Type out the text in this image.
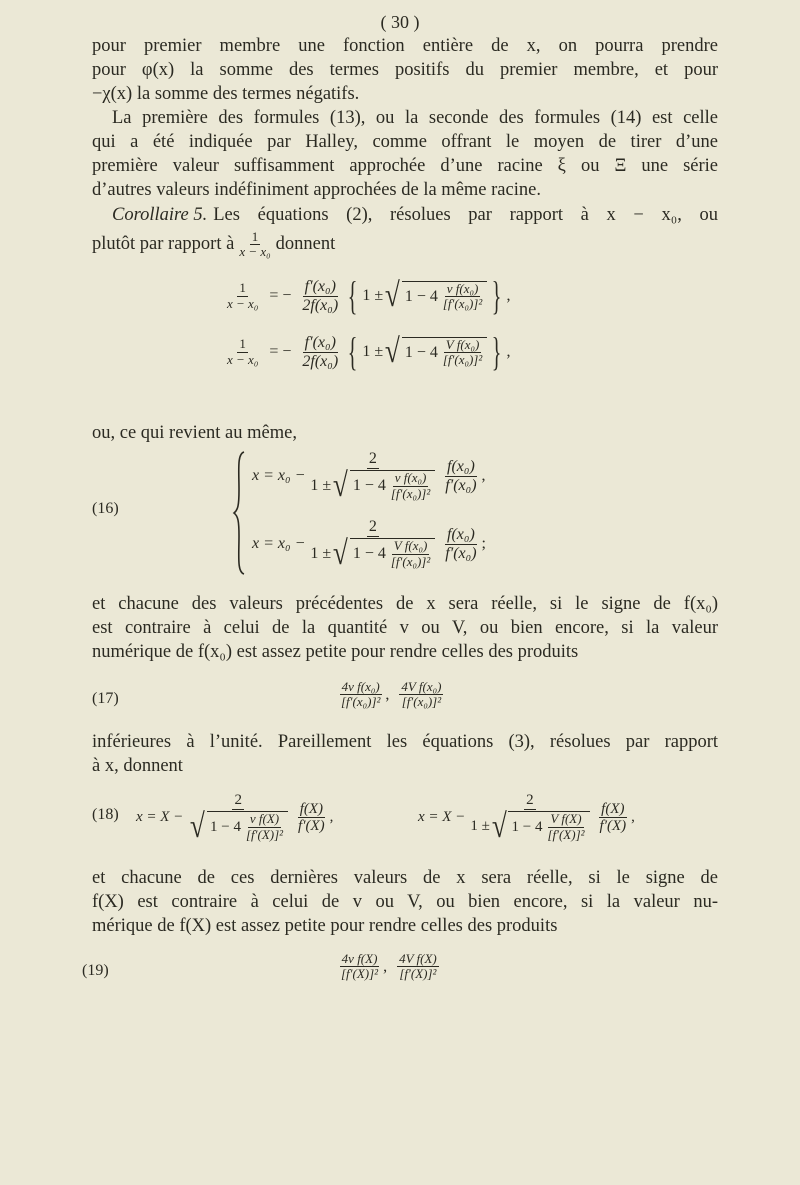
( 30 )
pour premier membre une fonction entière de x, on pourra prendre
pour φ(x) la somme des termes positifs du premier membre, et pour
−χ(x) la somme des termes négatifs.
La première des formules (13), ou la seconde des formules (14) est celle
qui a été indiquée par Halley, comme offrant le moyen de tirer d’une
première valeur suffisamment approchée d’une racine ξ ou Ξ une série
d’autres valeurs indéfiniment approchées de la même racine.
Corollaire 5. Les équations (2), résolues par rapport à x − x₀, ou
plutôt par rapport à $\frac{1}{\text{x − x₀}}$ donnent
$\frac{1}{\text{x − x₀}}$ = − $\frac{\text{f′(x₀)}}{\text{2f(x₀)}}$ { 1 ± √ $1 - 4 \frac{\text{v f(x₀)}}{\text{[f′(x₀)]²}}$ } ,
$\frac{1}{\text{x − x₀}}$ = − $\frac{\text{f′(x₀)}}{\text{2f(x₀)}}$ { 1 ± √ $1 - 4 \frac{\text{V f(x₀)}}{\text{[f′(x₀)]²}}$ } ,
ou, ce qui revient au même,
(16)
$x = x_0 - \frac{2}{1 \pm √ 1 - 4 \frac{\text{v f(x₀)}}{\text{[f′(x₀)]²}}} \frac{\text{f(x₀)}}{\text{f′(x₀)}}$ ,
$x = x_0 - \frac{2}{1 \pm √ 1 - 4 \frac{\text{V f(x₀)}}{\text{[f′(x₀)]²}}} \frac{\text{f(x₀)}}{\text{f′(x₀)}}$ ;
et chacune des valeurs précédentes de x sera réelle, si le signe de f(x₀)
est contraire à celui de la quantité v ou V, ou bien encore, si la valeur
numérique de f(x₀) est assez petite pour rendre celles des produits
(17)	$\frac{\text{4v f(x₀)}}{\text{[f′(x₀)]²}}$ , $\frac{\text{4V f(x₀)}}{\text{[f′(x₀)]²}}$
inférieures à l’unité. Pareillement les équations (3), résolues par rapport
à x, donnent
(18) $x = X - \frac{2}{√ 1 - 4 \frac{\text{v f(X)}}{\text{[f′(X)]²}}} \frac{f(X)}{f'(X)}$ ,	$x = X - \frac{2}{1 \pm √ 1 - 4 \frac{\text{V f(X)}}{\text{[f′(X)]²}}} \frac{f(X)}{f'(X)}$ ,
et chacune de ces dernières valeurs de x sera réelle, si le signe de
f(X) est contraire à celui de v ou V, ou bien encore, si la valeur nu-
mérique de f(X) est assez petite pour rendre celles des produits
(19)	$\frac{\text{4v f(X)}}{\text{[f′(X)]²}}$ , $\frac{\text{4V f(X)}}{\text{[f′(X)]²}}$
